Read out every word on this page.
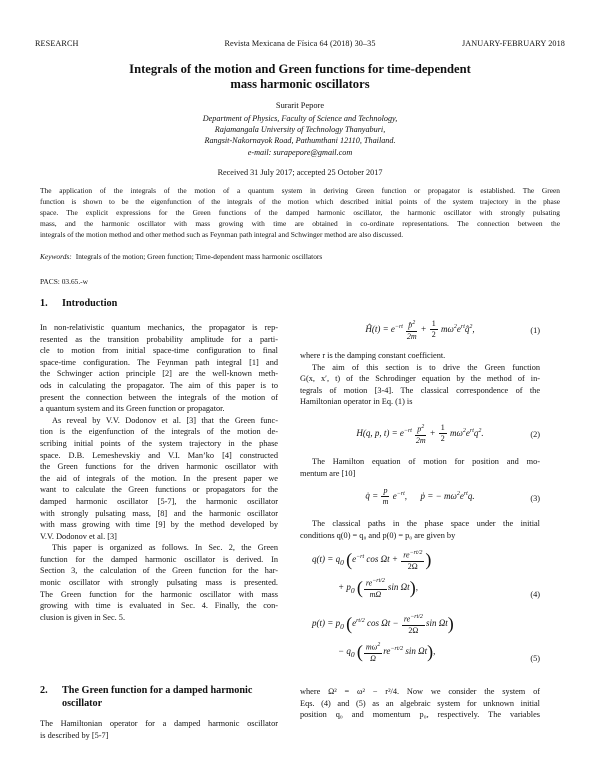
RESEARCH	Revista Mexicana de Física 64 (2018) 30–35	JANUARY-FEBRUARY 2018
Integrals of the motion and Green functions for time-dependent
mass harmonic oscillators
Surarit Pepore
Department of Physics, Faculty of Science and Technology,
Rajamangala University of Technology Thanyaburi,
Rangsit-Nakornayok Road, Pathumthani 12110, Thailand.
e-mail: surapepore@gmail.com
Received 31 July 2017; accepted 25 October 2017
The application of the integrals of the motion of a quantum system in deriving Green function or propagator is established. The Green
function is shown to be the eigenfunction of the integrals of the motion which described initial points of the system trajectory in the phase
space. The explicit expressions for the Green functions of the damped harmonic oscillator, the harmonic oscillator with strongly pulsating
mass, and the harmonic oscillator with mass growing with time are obtained in co-ordinate representations. The connection between the
integrals of the motion method and other method such as Feynman path integral and Schwinger method are also discussed.
Keywords: Integrals of the motion; Green function; Time-dependent mass harmonic oscillators
PACS: 03.65.-w
1. Introduction
In non-relativistic quantum mechanics, the propagator is rep-
resented as the transition probability amplitude for a parti-
cle to motion from initial space-time configuration to final
space-time configuration. The Feynman path integral [1] and
the Schwinger action principle [2] are the well-known meth-
ods in calculating the propagator. The aim of this paper is to
present the connection between the integrals of the motion of
a quantum system and its Green function or propagator.
As reveal by V.V. Dodonov et al. [3] that the Green func-
tion is the eigenfunction of the integrals of the motion de-
scribing initial points of the system trajectory in the phase
space. D.B. Lemeshevskiy and V.I. Man’ko [4] constructed
the Green functions for the driven harmonic oscillator with
the aid of integrals of the motion. In the present paper we
want to calculate the Green functions or propagators for the
damped harmonic oscillator [5-7], the harmonic oscillator
with strongly pulsating mass, [8] and the harmonic oscillator
with mass growing with time [9] by the method developed by
V.V. Dodonov et al. [3]
This paper is organized as follows. In Sec. 2, the Green
function for the damped harmonic oscillator is derived. In
Section 3, the calculation of the Green function for the har-
monic oscillator with strongly pulsating mass is presented.
The Green function for the harmonic oscillator with mass
growing with time is evaluated in Sec. 4. Finally, the con-
clusion is given in Sec. 5.
2. The Green function for a damped harmonic
oscillator
The Hamiltonian operator for a damped harmonic oscillator
is described by [5-7]
Ĥ(t) = $e^{-rt} \frac{p̂^2}{2m} + \frac{1}{2}$ $m\omega^2e^{rt}q̂^2$,	(1)
where r is the damping constant coefficient.
The aim of this section is to drive the Green function
G(x, x′, t) of the Schrodinger equation by the method of in-
tegrals of motion [3-4]. The classical correspondence of the
Hamiltonian operator in Eq. (1) is
H(q, p, $t) = e^{-rt} \frac{p^2}{2m} + \frac{1}{2} m\omega^2e^{rt}q^2$.	(2)
The Hamilton equation of motion for position and mo-
mentum are [10]
q̇ = $\frac{p}{m} e^{-rt}$,      ṗ = − $m\omega^2e^{rt}q$.	(3)
The classical paths in the phase space under the initial
conditions q(0) = q₀ and p(0) = p₀ are given by
$q(t) = q_0$ ($e^{-rt}$ $\cos \Omega t + \frac{re^{-rt/2}}{2\Omega}$ )
+ $p_0$ ( $\frac{re^{-rt/2}}{m\Omega}$ sin Ωt),
(4)
$p(t) = p_0$ ($e^{rt/2}$ $\cos \Omega t - \frac{re^{-rt/2}}{2\Omega}$ sin Ωt)
− $q_0$ ( $\frac{m\omega^2}{\Omega} re^{-rt/2}$ sin Ωt),
(5)
where Ω² = ω² − r²/4. Now we consider the system of
Eqs. (4) and (5) as an algebraic system for unknown initial
position q₀ and momentum p₀, respectively. The variables
